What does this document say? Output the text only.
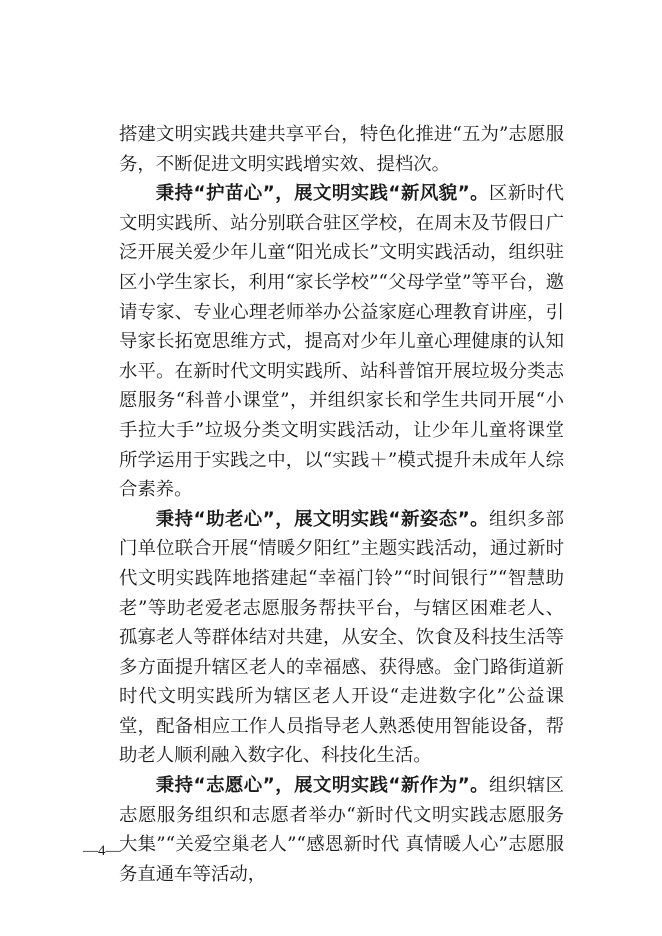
搭建文明实践共建共享平台，特色化推进“五为”志愿服务，不断促进文明实践增实效、提档次。

秉持“护苗心”，展文明实践“新风貌”。区新时代文明实践所、站分别联合驻区学校，在周末及节假日广泛开展关爱少年儿童“阳光成长”文明实践活动，组织驻区小学生家长，利用“家长学校”“父母学堂”等平台，邀请专家、专业心理老师举办公益家庭心理教育讲座，引导家长拓宽思维方式，提高对少年儿童心理健康的认知水平。在新时代文明实践所、站科普馆开展垃圾分类志愿服务“科普小课堂”，并组织家长和学生共同开展“小手拉大手”垃圾分类文明实践活动，让少年儿童将课堂所学运用于实践之中，以“实践＋”模式提升未成年人综合素养。

秉持“助老心”，展文明实践“新姿态”。组织多部门单位联合开展“情暖夕阳红”主题实践活动，通过新时代文明实践阵地搭建起“幸福门铃”“时间银行”“智慧助老”等助老爱老志愿服务帮扶平台，与辖区困难老人、孤寡老人等群体结对共建，从安全、饮食及科技生活等多方面提升辖区老人的幸福感、获得感。金门路街道新时代文明实践所为辖区老人开设“走进数字化”公益课堂，配备相应工作人员指导老人熟悉使用智能设备，帮助老人顺利融入数字化、科技化生活。

秉持“志愿心”，展文明实践“新作为”。组织辖区志愿服务组织和志愿者举办“新时代文明实践志愿服务大集”“关爱空巢老人”“感恩新时代 真情暖人心”志愿服务直通车等活动，

—4—
